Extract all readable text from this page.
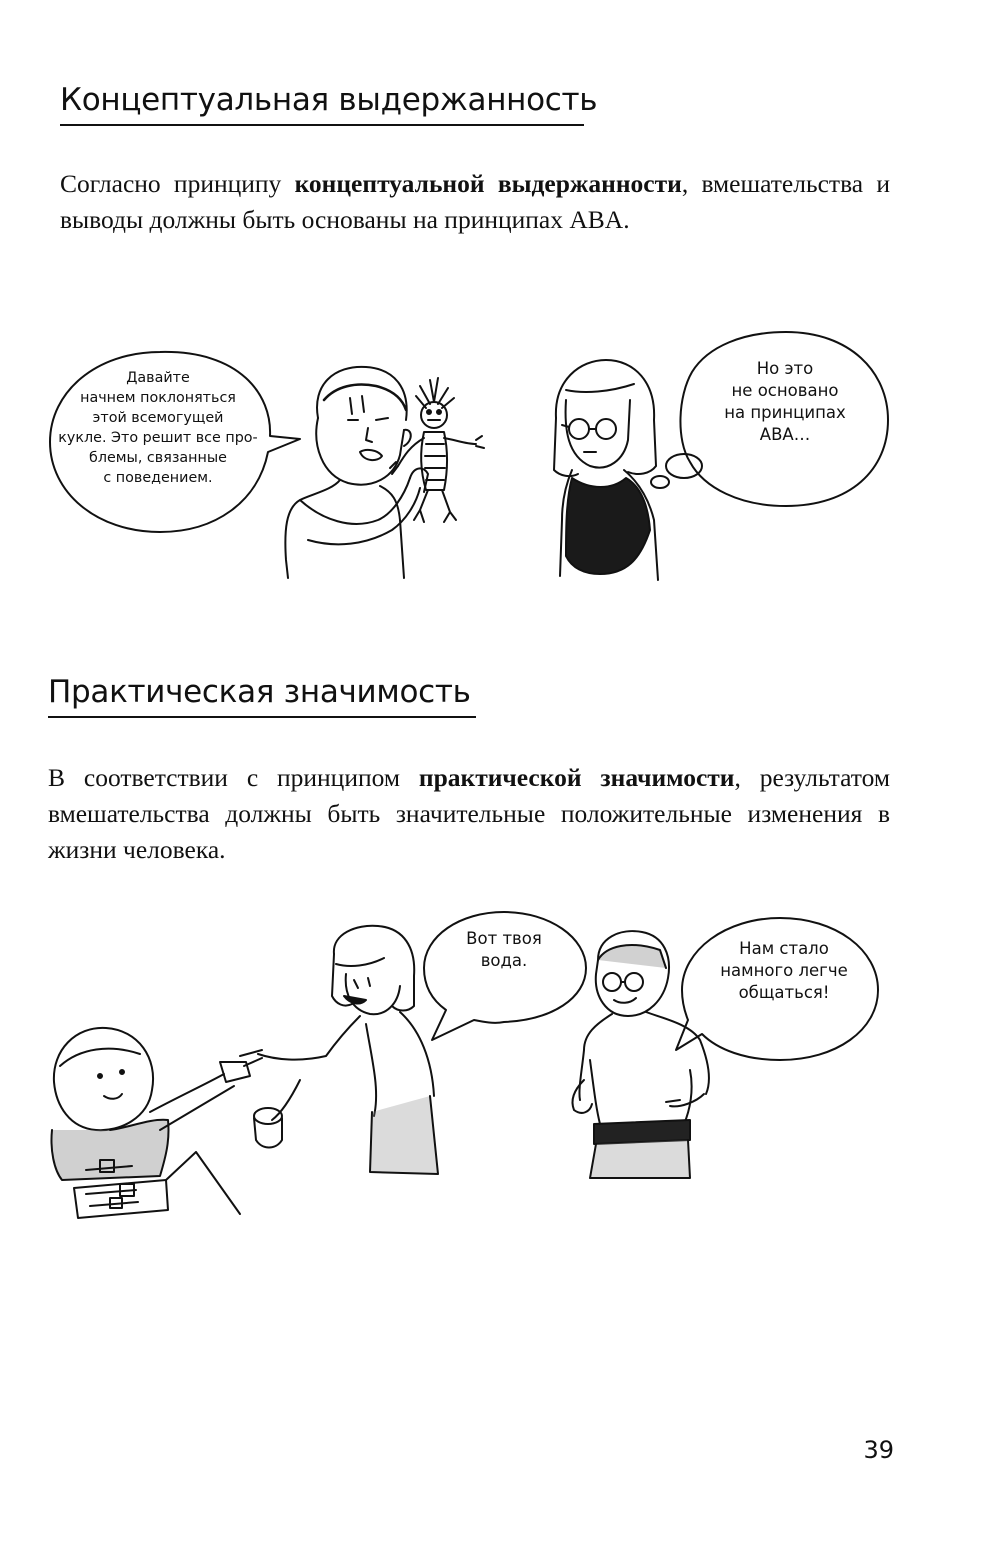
Концептуальная выдержанность
Согласно принципу концептуальной выдержанности, вмешательства и выводы должны быть основаны на принципах ABA.
Давайте
начнем поклоняться
этой всемогущей
кукле. Это решит все про-
блемы, связанные
с поведением.
Но это
не основано
на принципах
ABA…
Практическая значимость
В соответствии с принципом практической значимости, результатом вмешательства должны быть значительные положительные изменения в жизни человека.
Вот твоя
вода.
Нам стало
намного легче
общаться!
39
